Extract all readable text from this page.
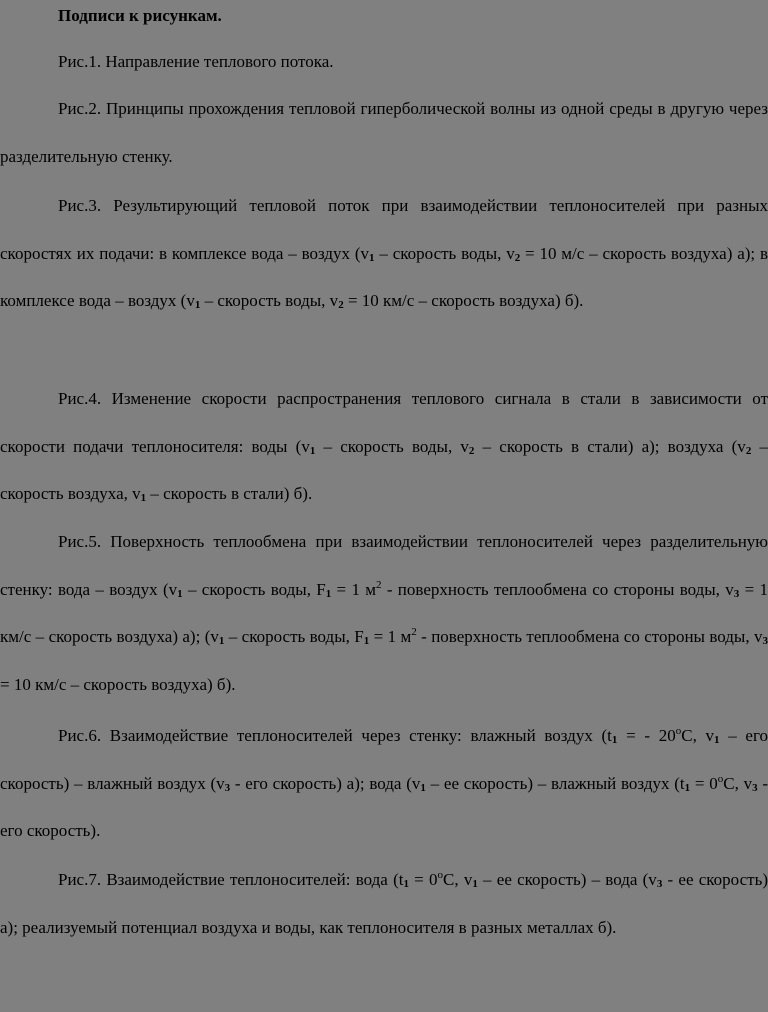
Подписи к рисункам.

Рис.1. Направление теплового потока.

Рис.2. Принципы прохождения тепловой гиперболической волны из одной среды в другую через разделительную стенку.

Рис.3. Результирующий тепловой поток при взаимодействии теплоносителей при разных скоростях их подачи: в комплексе вода – воздух ($v_1$ – скорость воды, $v_2 = 10$ м/с – скорость воздуха) а); в комплексе вода – воздух ($v_1$ – скорость воды, $v_2 = 10$ км/с – скорость воздуха) б).

Рис.4. Изменение скорости распространения теплового сигнала в стали в зависимости от скорости подачи теплоносителя: воды ($v_1$ – скорость воды, $v_2$ – скорость в стали) а); воздуха ($v_2$ – скорость воздуха, $v_1$ – скорость в стали) б).

Рис.5. Поверхность теплообмена при взаимодействии теплоносителей через разделительную стенку: вода – воздух ($v_1$ – скорость воды, $F_1 = 1$ $м^2$ - поверхность теплообмена со стороны воды, $v_3 = 1$ км/с – скорость воздуха) а); ($v_1$ – скорость воды, $F_1 = 1$ $м^2$ - поверхность теплообмена со стороны воды, $v_3 = 10$ км/с – скорость воздуха) б).

Рис.6. Взаимодействие теплоносителей через стенку: влажный воздух ($t_1$ = - 20$^o$C, $v_1$ – его скорость) – влажный воздух ($v_3$ - его скорость) а); вода ($v_1$ – ее скорость) – влажный воздух ($t_1 = 0^oC$, $v_3$ - его скорость).

Рис.7. Взаимодействие теплоносителей: вода ($t_1 = 0^oC$, $v_1$ – ее скорость) – вода ($v_3$ - ее скорость) а); реализуемый потенциал воздуха и воды, как теплоносителя в разных металлах б).
